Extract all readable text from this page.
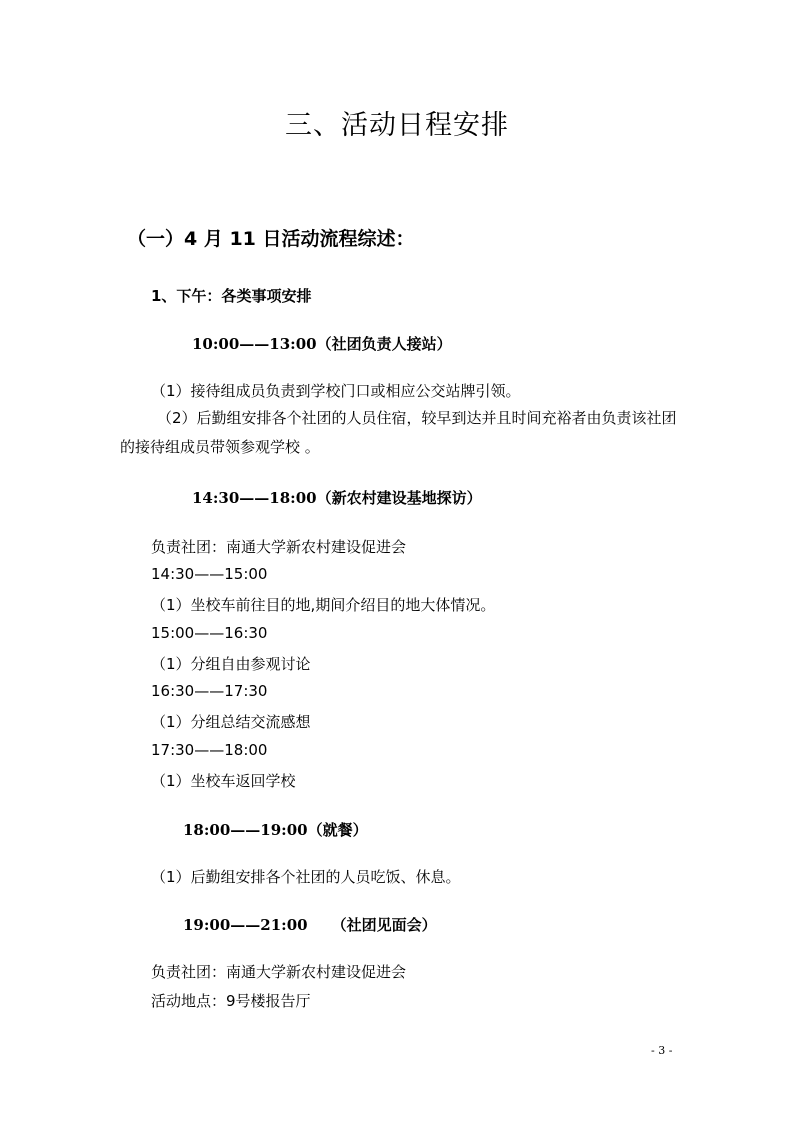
三、活动日程安排
（一）4 月 11 日活动流程综述：
1、下午：各类事项安排
10:00——13:00（社团负责人接站）
（1）接待组成员负责到学校门口或相应公交站牌引领。
（2）后勤组安排各个社团的人员住宿，较早到达并且时间充裕者由负责该社团的接待组成员带领参观学校 。
14:30——18:00（新农村建设基地探访）
负责社团：南通大学新农村建设促进会
14:30——15:00
（1）坐校车前往目的地,期间介绍目的地大体情况。
15:00——16:30
（1）分组自由参观讨论
16:30——17:30
（1）分组总结交流感想
17:30——18:00
（1）坐校车返回学校
18:00——19:00（就餐）
（1）后勤组安排各个社团的人员吃饭、休息。
19:00——21:00 （社团见面会）
负责社团：南通大学新农村建设促进会
活动地点：9号楼报告厅
- 3 -
